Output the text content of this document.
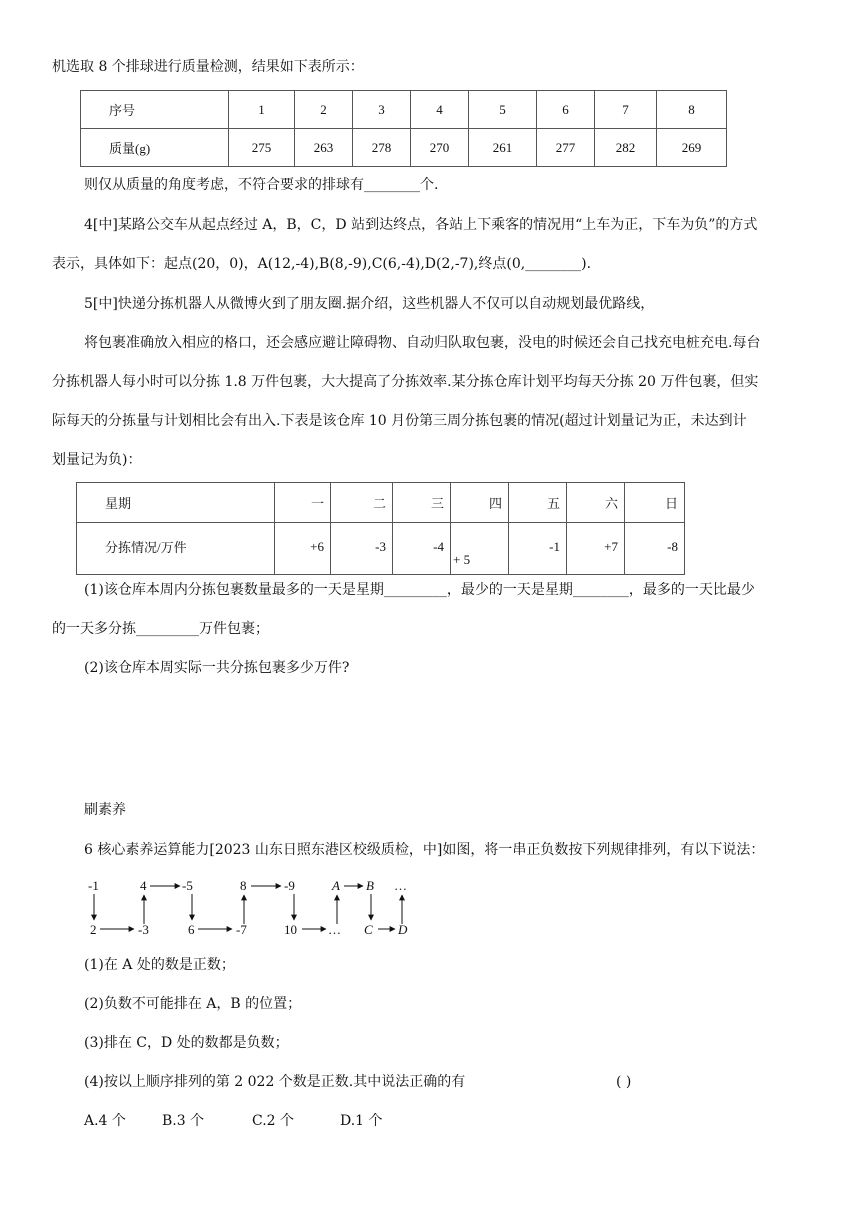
机选取 8 个排球进行质量检测，结果如下表所示：
序号	1	2	3	4	5	6	7	8
质量(g)	275	263	278	270	261	277	282	269
则仅从质量的角度考虑，不符合要求的排球有________个.
4[中]某路公交车从起点经过 A，B，C，D 站到达终点，各站上下乘客的情况用“上车为正，下车为负”的方式
表示，具体如下：起点(20，0)，A(12,-4),B(8,-9),C(6,-4),D(2,-7),终点(0,________).
5[中]快递分拣机器人从微博火到了朋友圈.据介绍，这些机器人不仅可以自动规划最优路线，
将包裹准确放入相应的格口，还会感应避让障碍物、自动归队取包裹，没电的时候还会自己找充电桩充电.每台
分拣机器人每小时可以分拣 1.8 万件包裹，大大提高了分拣效率.某分拣仓库计划平均每天分拣 20 万件包裹，但实
际每天的分拣量与计划相比会有出入.下表是该仓库 10 月份第三周分拣包裹的情况(超过计划量记为正，未达到计
划量记为负)：
星期	一	二	三	四	五	六	日
分拣情况/万件	+6	-3	-4	+ 5	-1	+7	-8
(1)该仓库本周内分拣包裹数量最多的一天是星期_________，最少的一天是星期________，最多的一天比最少
的一天多分拣_________万件包裹；
(2)该仓库本周实际一共分拣包裹多少万件?
刷素养
6 核心素养运算能力[2023 山东日照东港区校级质检，中]如图，将一串正负数按下列规律排列，有以下说法：
-1	4	-5	8	-9	A B …
2	-3	6	-7	10 … C D
(1)在 A 处的数是正数；
(2)负数不可能排在 A，B 的位置；
(3)排在 C，D 处的数都是负数；
(4)按以上顺序排列的第 2 022 个数是正数.其中说法正确的有	( )
A.4 个	B.3 个	C.2 个	D.1 个
